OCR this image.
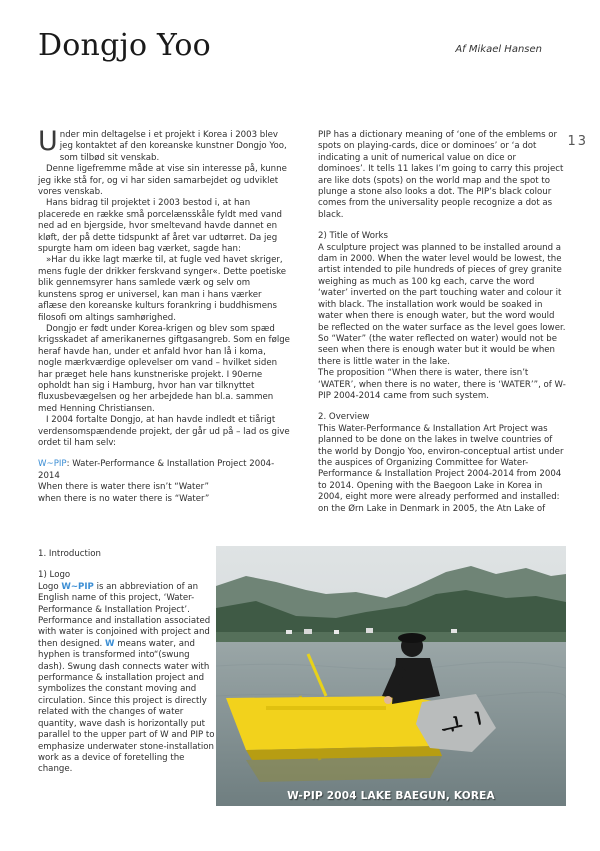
Dongjo Yoo	Af Mikael Hansen
13

Under min deltagelse i et projekt i Korea i 2003 blev jeg kontaktet af den koreanske kunstner Dongjo Yoo, som tilbød sit venskab.

Denne ligefremme måde at vise sin interesse på, kunne jeg ikke stå for, og vi har siden samarbejdet og udviklet vores venskab.

Hans bidrag til projektet i 2003 bestod i, at han placerede en række små porcelænsskåle fyldt med vand ned ad en bjergside, hvor smeltevand havde dannet en kløft, der på dette tidspunkt af året var udtørret. Da jeg spurgte ham om ideen bag værket, sagde han:

»Har du ikke lagt mærke til, at fugle ved havet skriger, mens fugle der drikker ferskvand synger«. Dette poetiske blik gennemsyrer hans samlede værk og selv om kunstens sprog er universel, kan man i hans værker aflæse den koreanske kulturs forankring i buddhismens filosofi om altings samhørighed.

Dongjo er født under Korea-krigen og blev som spæd krigsskadet af amerikanernes giftgasangreb. Som en følge heraf havde han, under et anfald hvor han lå i koma, nogle mærkværdige oplevelser om vand – hvilket siden har præget hele hans kunstneriske projekt. I 90erne opholdt han sig i Hamburg, hvor han var tilknyttet fluxusbevægelsen og her arbejdede han bl.a. sammen med Henning Christiansen.

I 2004 fortalte Dongjo, at han havde indledt et tiårigt verdensomspændende projekt, der går ud på – lad os give ordet til ham selv:

W~PIP: Water-Performance & Installation Project 2004-2014

When there is water there isn’t “Water”

when there is no water there is “Water”

PIP has a dictionary meaning of ‘one of the emblems or spots on playing-cards, dice or dominoes’ or ‘a dot indicating a unit of numerical value on dice or dominoes’. It tells 11 lakes I’m going to carry this project are like dots (spots) on the world map and the spot to plunge a stone also looks a dot. The PIP’s black colour comes from the universality people recognize a dot as black.

2) Title of Works

A sculpture project was planned to be installed around a dam in 2000. When the water level would be lowest, the artist intended to pile hundreds of pieces of grey granite weighing as much as 100 kg each, carve the word ‘water’ inverted on the part touching water and colour it with black. The installation work would be soaked in water when there is enough water, but the word would be reflected on the water surface as the level goes lower. So “Water” (the water reflected on water) would not be seen when there is enough water but it would be when there is little water in the lake.

The proposition “When there is water, there isn’t ‘WATER’, when there is no water, there is ‘WATER’”, of W-PIP 2004-2014 came from such system.

2. Overview

This Water-Performance & Installation Art Project was planned to be done on the lakes in twelve countries of the world by Dongjo Yoo, environ-conceptual artist under the auspices of Organizing Committee for Water-Performance & Installation Project 2004-2014 from 2004 to 2014. Opening with the Baegoon Lake in Korea in 2004, eight more were already performed and installed: on the Ørn Lake in Denmark in 2005, the Atn Lake of

1. Introduction

1) Logo

Logo W~PIP is an abbreviation of an English name of this project, ‘Water-Performance & Installation Project’. Performance and installation associated with water is conjoined with project and then designed. W means water, and hyphen is transformed into“(swung dash). Swung dash connects water with performance & installation project and symbolizes the constant moving and circulation. Since this project is directly related with the changes of water quantity, wave dash is horizontally put parallel to the upper part of W and PIP to emphasize underwater stone-installation work as a device of foretelling the change.

ᆛᅵ
W-PIP 2004 LAKE BAEGUN, KOREA
